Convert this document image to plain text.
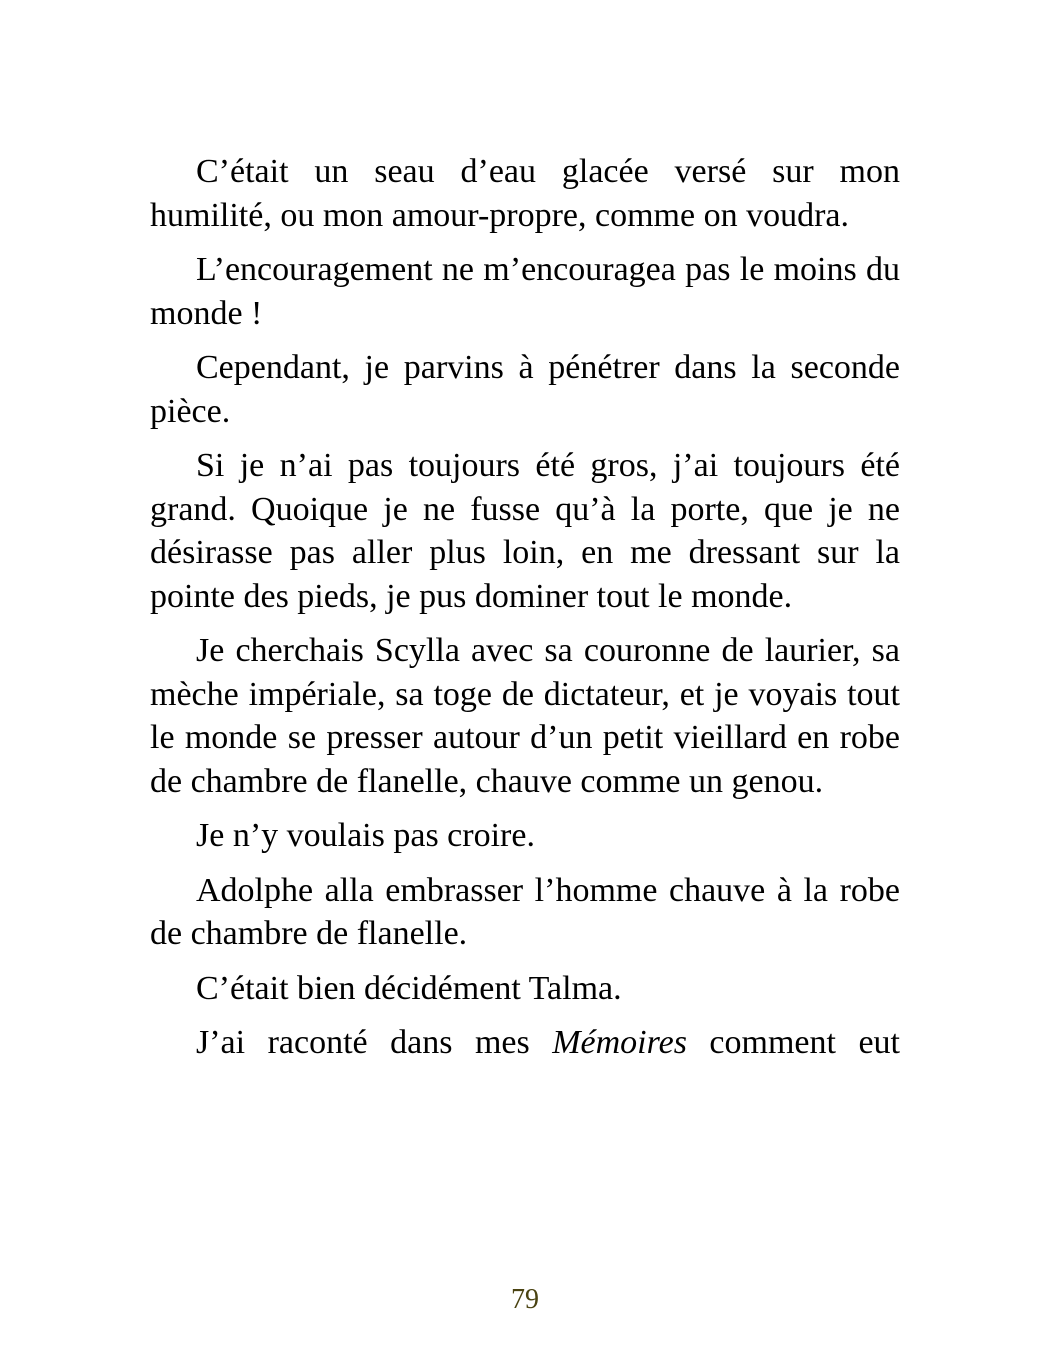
C’était un seau d’eau glacée versé sur mon humilité, ou mon amour-propre, comme on voudra.

L’encouragement ne m’encouragea pas le moins du monde !

Cependant, je parvins à pénétrer dans la seconde pièce.

Si je n’ai pas toujours été gros, j’ai toujours été grand. Quoique je ne fusse qu’à la porte, que je ne désirasse pas aller plus loin, en me dressant sur la pointe des pieds, je pus dominer tout le monde.

Je cherchais Scylla avec sa couronne de laurier, sa mèche impériale, sa toge de dictateur, et je voyais tout le monde se presser autour d’un petit vieillard en robe de chambre de flanelle, chauve comme un genou.

Je n’y voulais pas croire.

Adolphe alla embrasser l’homme chauve à la robe de chambre de flanelle.

C’était bien décidément Talma.

J’ai raconté dans mes Mémoires comment eut

79
